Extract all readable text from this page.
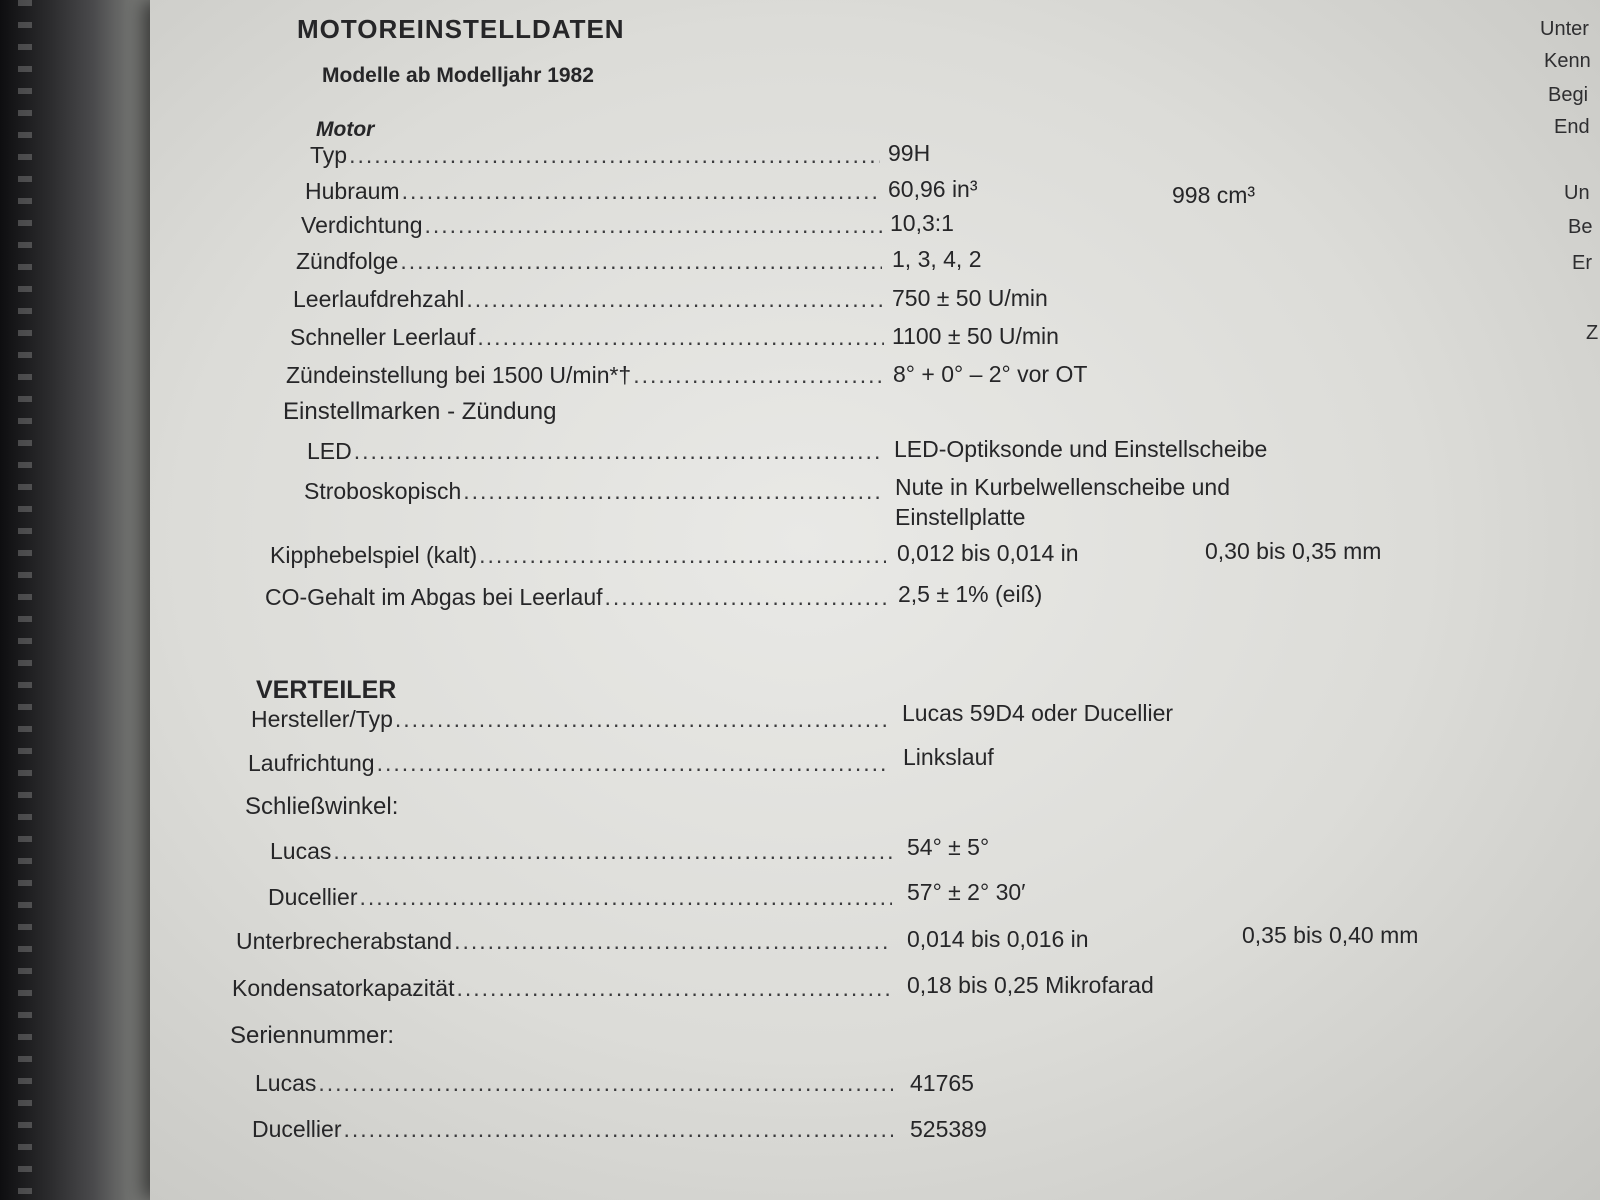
MOTOREINSTELLDATEN
Modelle ab Modelljahr 1982
Motor
Typ .....	99H
Hubraum .....	60,96 in³	998 cm³
Verdichtung .....	10,3:1
Zündfolge .....	1, 3, 4, 2
Leerlaufdrehzahl .....	750 ± 50 U/min
Schneller Leerlauf .....	1100 ± 50 U/min
Zündeinstellung bei 1500 U/min*† .....	8° + 0° – 2° vor OT
Einstellmarken - Zündung
LED .....	LED-Optiksonde und Einstellscheibe
Stroboskopisch .....	Nute in Kurbelwellenscheibe und
Einstellplatte
Kipphebelspiel (kalt) .....	0,012 bis 0,014 in	0,30 bis 0,35 mm
CO-Gehalt im Abgas bei Leerlauf .....	2,5 ± 1% (eiß)
VERTEILER
Hersteller/Typ .....	Lucas 59D4 oder Ducellier
Laufrichtung .....	Linkslauf
Schließwinkel:
Lucas .....	54° ± 5°
Ducellier .....	57° ± 2° 30′
Unterbrecherabstand .....	0,014 bis 0,016 in	0,35 bis 0,40 mm
Kondensatorkapazität .....	0,18 bis 0,25 Mikrofarad
Seriennummer:
Lucas .....	41765
Ducellier .....	525389
Unter
Kenn
Begi
End
Un
Be
Er
Z
